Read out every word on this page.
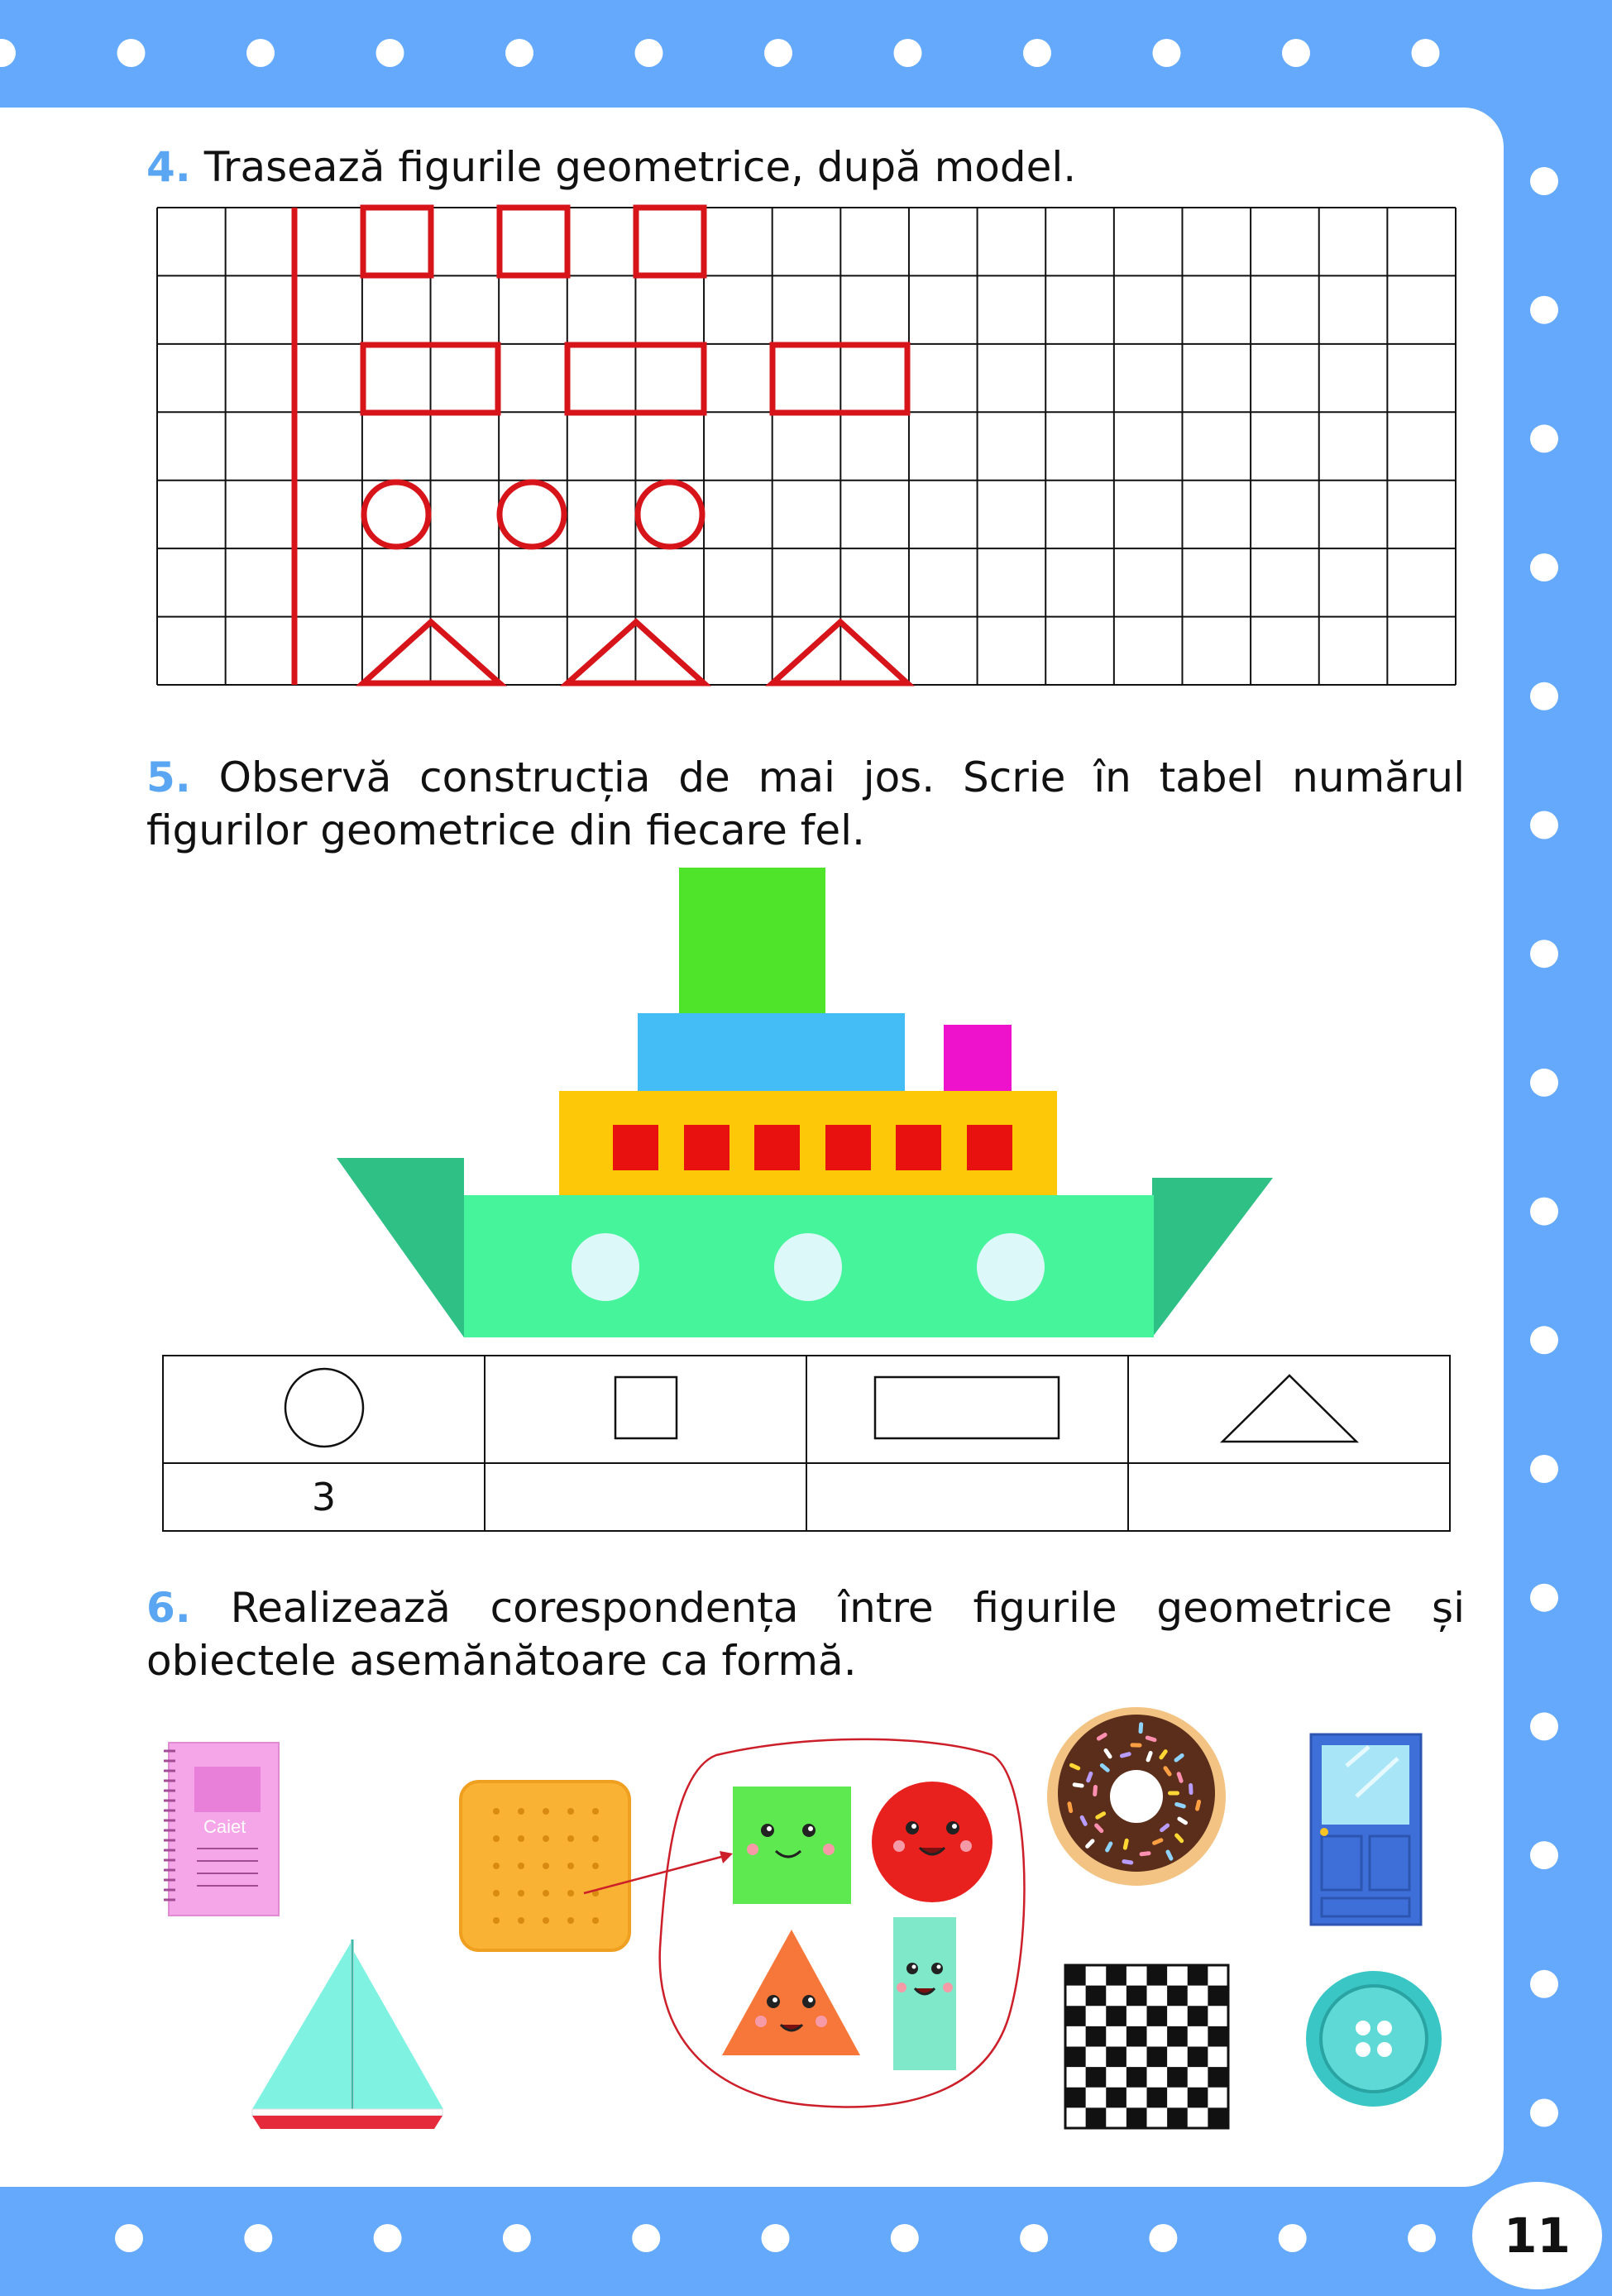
4. Trasează figurile geometrice, după model.
5. Observă construcția de mai jos. Scrie în tabel numărul figurilor geometrice din fiecare fel.

3			
6. Realizează corespondența între figurile geometrice și obiectele asemănătoare ca formă.
Caiet
11
